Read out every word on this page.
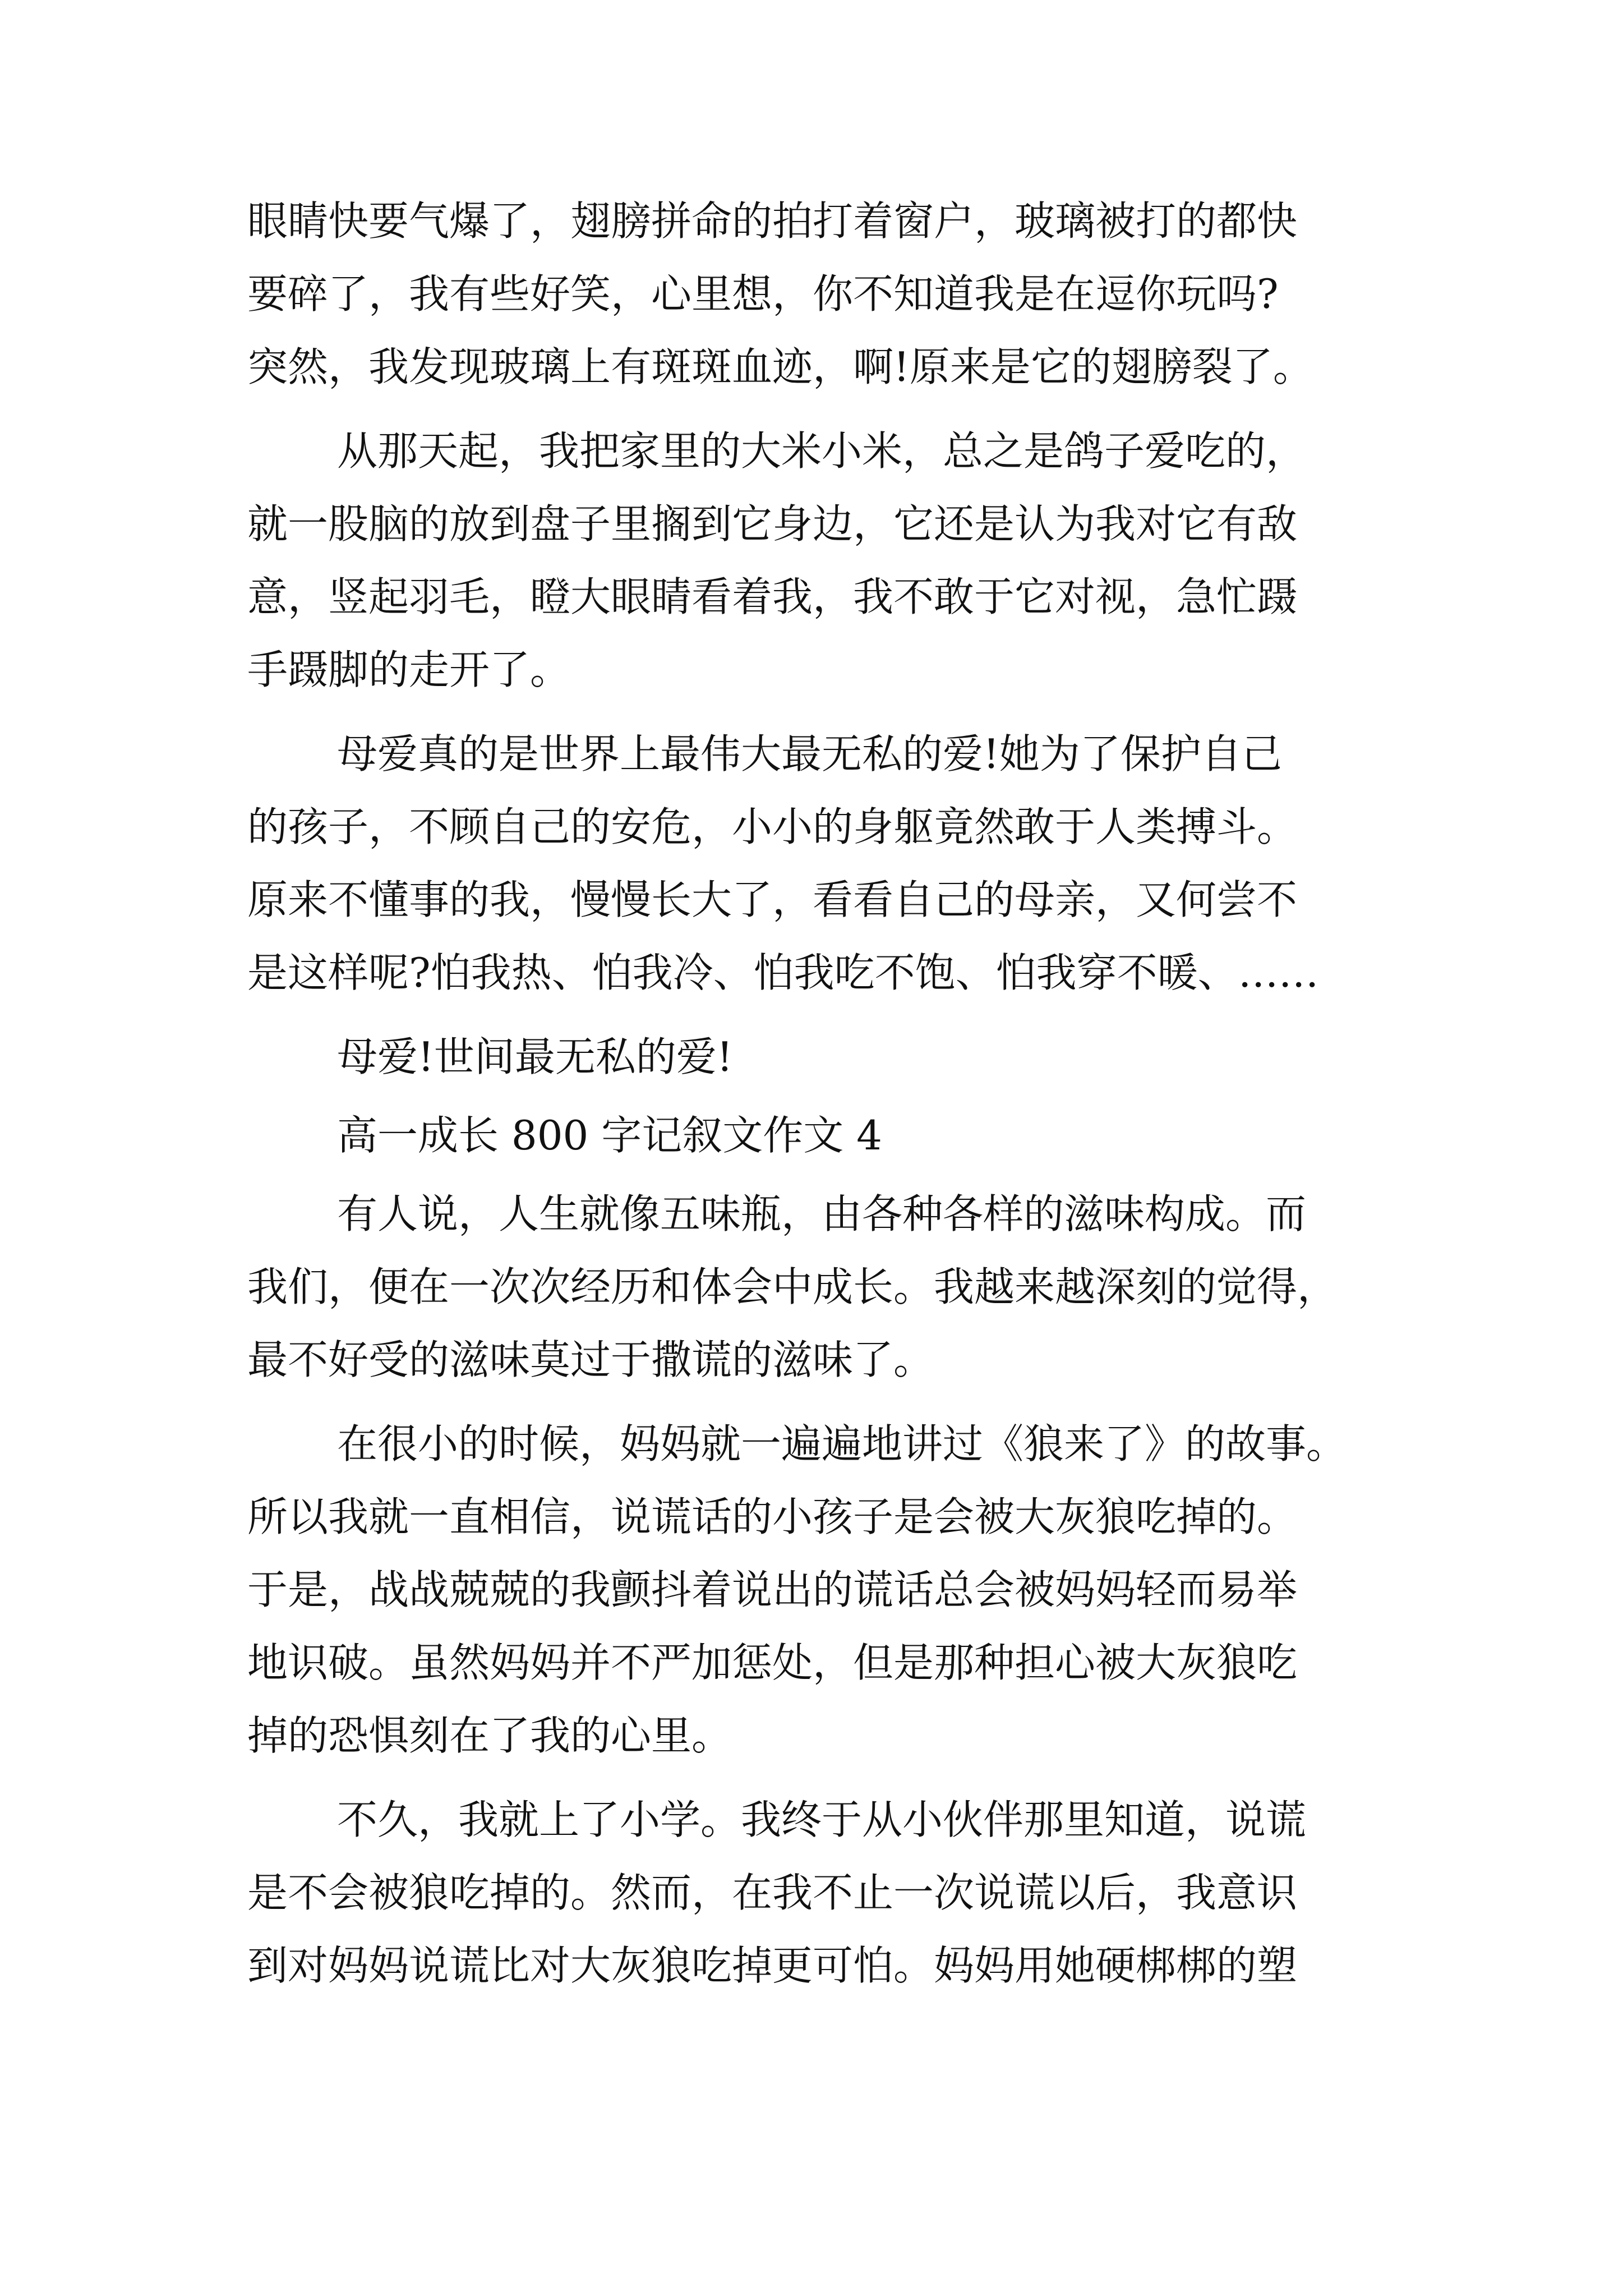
眼睛快要气爆了，翅膀拼命的拍打着窗户，玻璃被打的都快
要碎了，我有些好笑，心里想，你不知道我是在逗你玩吗?
突然，我发现玻璃上有斑斑血迹，啊!原来是它的翅膀裂了。
从那天起，我把家里的大米小米，总之是鸽子爱吃的，
就一股脑的放到盘子里搁到它身边，它还是认为我对它有敌
意，竖起羽毛，瞪大眼睛看着我，我不敢于它对视，急忙蹑
手蹑脚的走开了。
母爱真的是世界上最伟大最无私的爱!她为了保护自己
的孩子，不顾自己的安危，小小的身躯竟然敢于人类搏斗。
原来不懂事的我，慢慢长大了，看看自己的母亲，又何尝不
是这样呢?怕我热、怕我冷、怕我吃不饱、怕我穿不暖、……
母爱!世间最无私的爱!
高一成长 800 字记叙文作文 4
有人说，人生就像五味瓶，由各种各样的滋味构成。而
我们，便在一次次经历和体会中成长。我越来越深刻的觉得，
最不好受的滋味莫过于撒谎的滋味了。
在很小的时候，妈妈就一遍遍地讲过《狼来了》的故事。
所以我就一直相信，说谎话的小孩子是会被大灰狼吃掉的。
于是，战战兢兢的我颤抖着说出的谎话总会被妈妈轻而易举
地识破。虽然妈妈并不严加惩处，但是那种担心被大灰狼吃
掉的恐惧刻在了我的心里。
不久，我就上了小学。我终于从小伙伴那里知道，说谎
是不会被狼吃掉的。然而，在我不止一次说谎以后，我意识
到对妈妈说谎比对大灰狼吃掉更可怕。妈妈用她硬梆梆的塑
